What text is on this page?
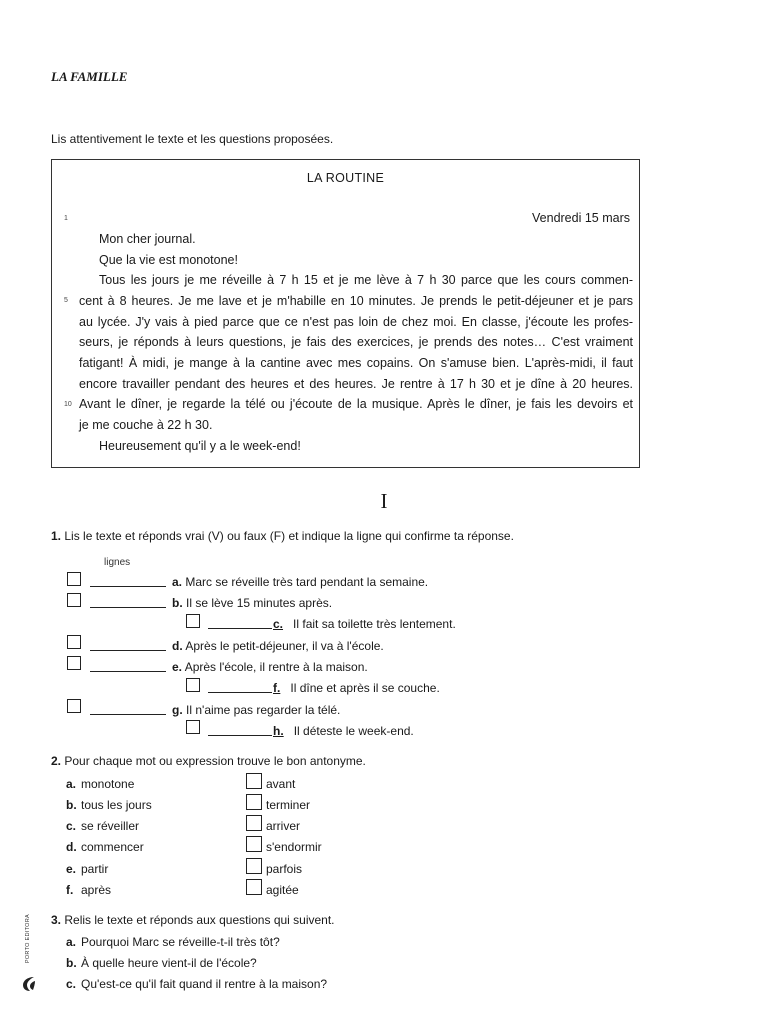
LA FAMILLE
Lis attentivement le texte et les questions proposées.
LA ROUTINE
1	Vendredi 15 mars
Mon cher journal.
Que la vie est monotone!
Tous les jours je me réveille à 7 h 15 et je me lève à 7 h 30 parce que les cours commen-
5 cent à 8 heures. Je me lave et je m'habille en 10 minutes. Je prends le petit-déjeuner et je pars
au lycée. J'y vais à pied parce que ce n'est pas loin de chez moi. En classe, j'écoute les profes-
seurs, je réponds à leurs questions, je fais des exercices, je prends des notes… C'est vraiment
fatigant! À midi, je mange à la cantine avec mes copains. On s'amuse bien. L'après-midi, il faut
encore travailler pendant des heures et des heures. Je rentre à 17 h 30 et je dîne à 20 heures.
10 Avant le dîner, je regarde la télé ou j'écoute de la musique. Après le dîner, je fais les devoirs et
je me couche à 22 h 30.
Heureusement qu'il y a le week-end!
I
1. Lis le texte et réponds vrai (V) ou faux (F) et indique la ligne qui confirme ta réponse.
lignes
a. Marc se réveille très tard pendant la semaine.
b. Il se lève 15 minutes après.
c. Il fait sa toilette très lentement.
d. Après le petit-déjeuner, il va à l'école.
e. Après l'école, il rentre à la maison.
f. Il dîne et après il se couche.
g. Il n'aime pas regarder la télé.
h. Il déteste le week-end.
2. Pour chaque mot ou expression trouve le bon antonyme.
a. monotone
b. tous les jours
c. se réveiller
d. commencer
e. partir
f. après
avant
terminer
arriver
s'endormir
parfois
agitée
3. Relis le texte et réponds aux questions qui suivent.
a. Pourquoi Marc se réveille-t-il très tôt?
b. À quelle heure vient-il de l'école?
c. Qu'est-ce qu'il fait quand il rentre à la maison?
PORTO EDITORA
